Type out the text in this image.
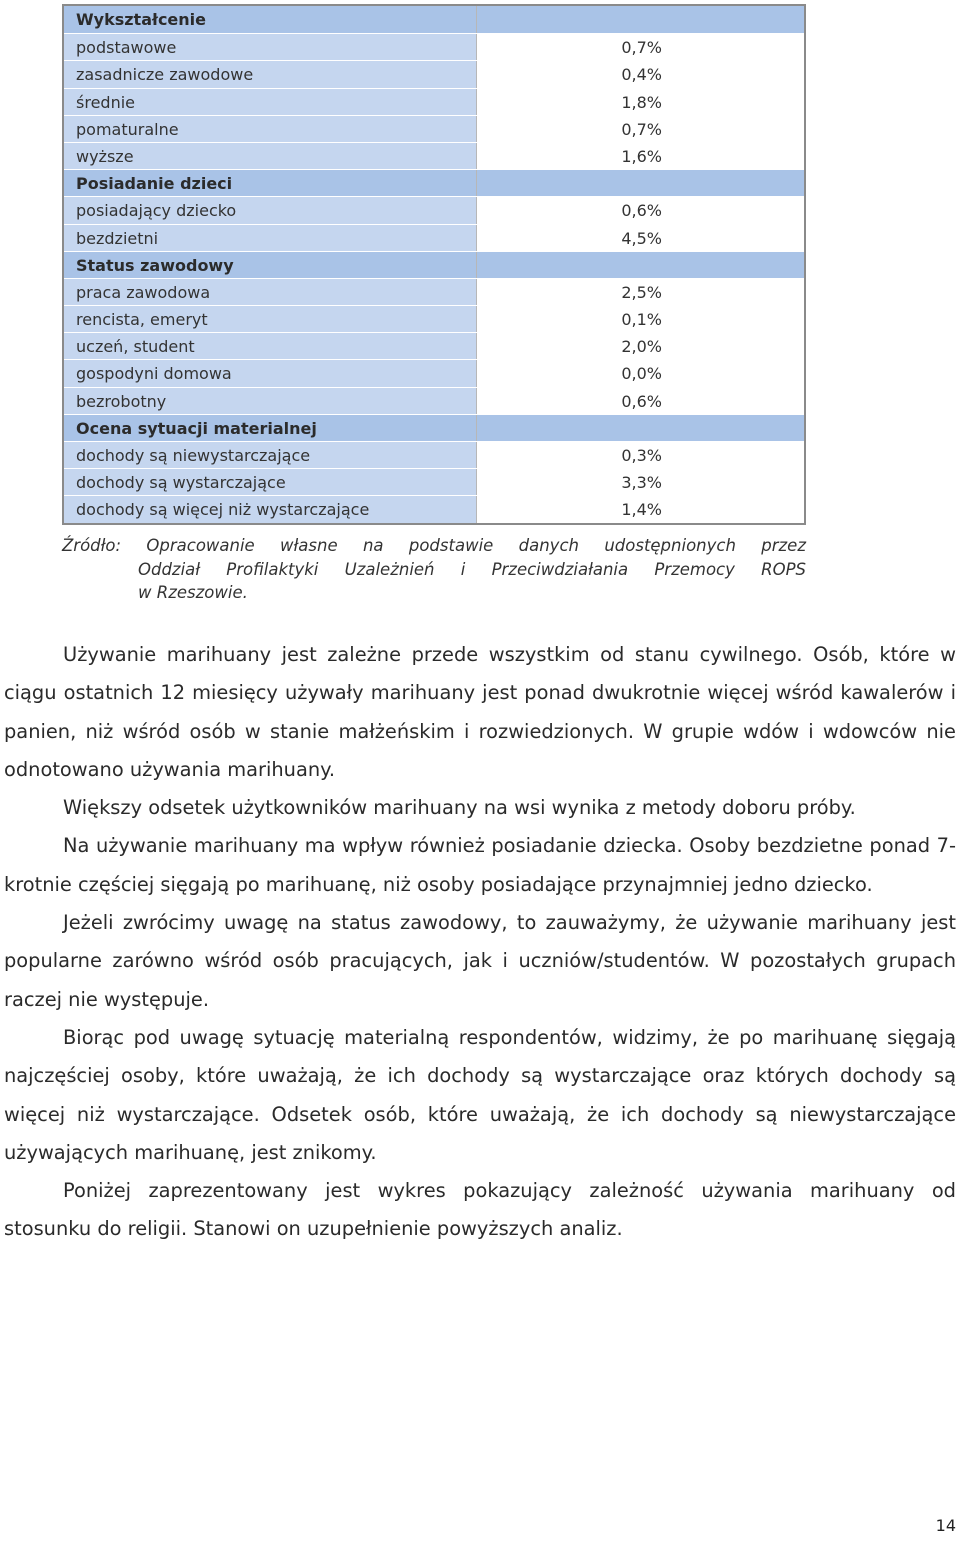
Wykształcenie
podstawowe	0,7%
zasadnicze zawodowe	0,4%
średnie	1,8%
pomaturalne	0,7%
wyższe	1,6%
Posiadanie dzieci
posiadający dziecko	0,6%
bezdzietni	4,5%
Status zawodowy
praca zawodowa	2,5%
rencista, emeryt	0,1%
uczeń, student	2,0%
gospodyni domowa	0,0%
bezrobotny	0,6%
Ocena sytuacji materialnej
dochody są niewystarczające	0,3%
dochody są wystarczające	3,3%
dochody są więcej niż wystarczające	1,4%
Źródło: Opracowanie własne na podstawie danych udostępnionych przez
Oddział Profilaktyki Uzależnień i Przeciwdziałania Przemocy ROPS
w Rzeszowie.

Używanie marihuany jest zależne przede wszystkim od stanu cywilnego. Osób, które w ciągu ostatnich 12 miesięcy używały marihuany jest ponad dwukrotnie więcej wśród kawalerów i panien, niż wśród osób w stanie małżeńskim i rozwiedzionych. W grupie wdów i wdowców nie odnotowano używania marihuany.

Większy odsetek użytkowników marihuany na wsi wynika z metody doboru próby.

Na używanie marihuany ma wpływ również posiadanie dziecka. Osoby bezdzietne ponad 7-krotnie częściej sięgają po marihuanę, niż osoby posiadające przynajmniej jedno dziecko.

Jeżeli zwrócimy uwagę na status zawodowy, to zauważymy, że używanie marihuany jest popularne zarówno wśród osób pracujących, jak i uczniów/studentów. W pozostałych grupach raczej nie występuje.

Biorąc pod uwagę sytuację materialną respondentów, widzimy, że po marihuanę sięgają najczęściej osoby, które uważają, że ich dochody są wystarczające oraz których dochody są więcej niż wystarczające. Odsetek osób, które uważają, że ich dochody są niewystarczające używających marihuanę, jest znikomy.

Poniżej zaprezentowany jest wykres pokazujący zależność używania marihuany od stosunku do religii. Stanowi on uzupełnienie powyższych analiz.

14
